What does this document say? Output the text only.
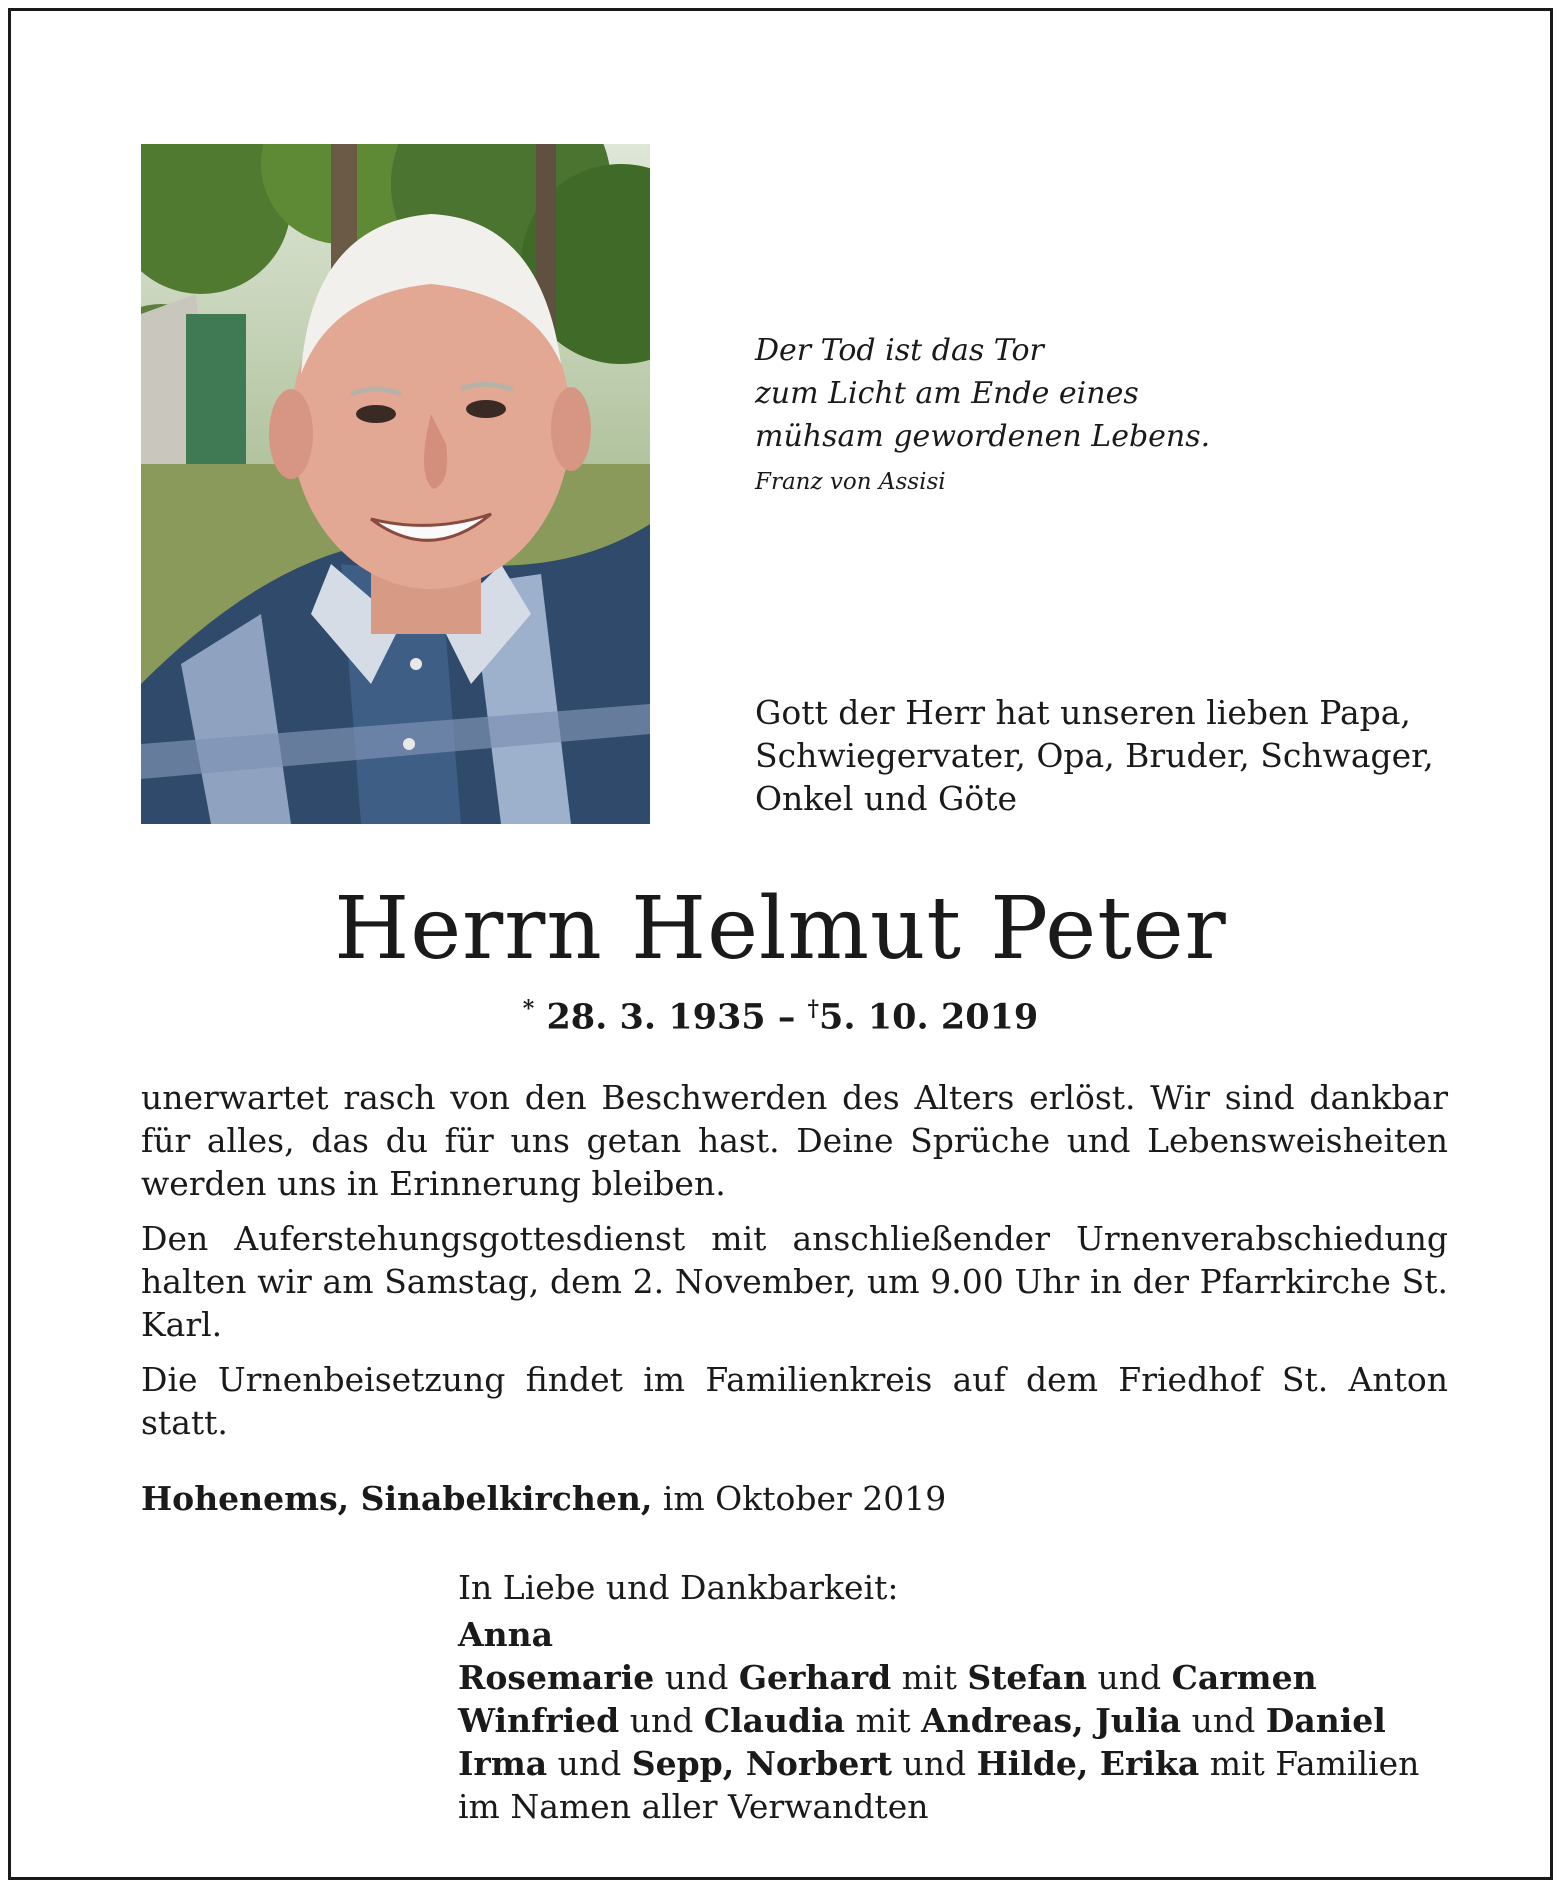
Der Tod ist das Tor
zum Licht am Ende eines
mühsam gewordenen Lebens.
Franz von Assisi
Gott der Herr hat unseren lieben Papa,
Schwiegervater, Opa, Bruder, Schwager,
Onkel und Göte
Herrn Helmut Peter
* 28. 3. 1935 – †5. 10. 2019

unerwartet rasch von den Beschwerden des Alters erlöst. Wir sind dankbar für alles, das du für uns getan hast. Deine Sprüche und Lebensweisheiten werden uns in Erinnerung bleiben.

Den Auferstehungsgottesdienst mit anschließender Urnenverabschiedung halten wir am Samstag, dem 2. November, um 9.00 Uhr in der Pfarrkirche St. Karl.

Die Urnenbeisetzung findet im Familienkreis auf dem Friedhof St. Anton statt.

Hohenems, Sinabelkirchen, im Oktober 2019

In Liebe und Dankbarkeit:

Anna

Rosemarie und Gerhard mit Stefan und Carmen

Winfried und Claudia mit Andreas, Julia und Daniel

Irma und Sepp, Norbert und Hilde, Erika mit Familien

im Namen aller Verwandten
